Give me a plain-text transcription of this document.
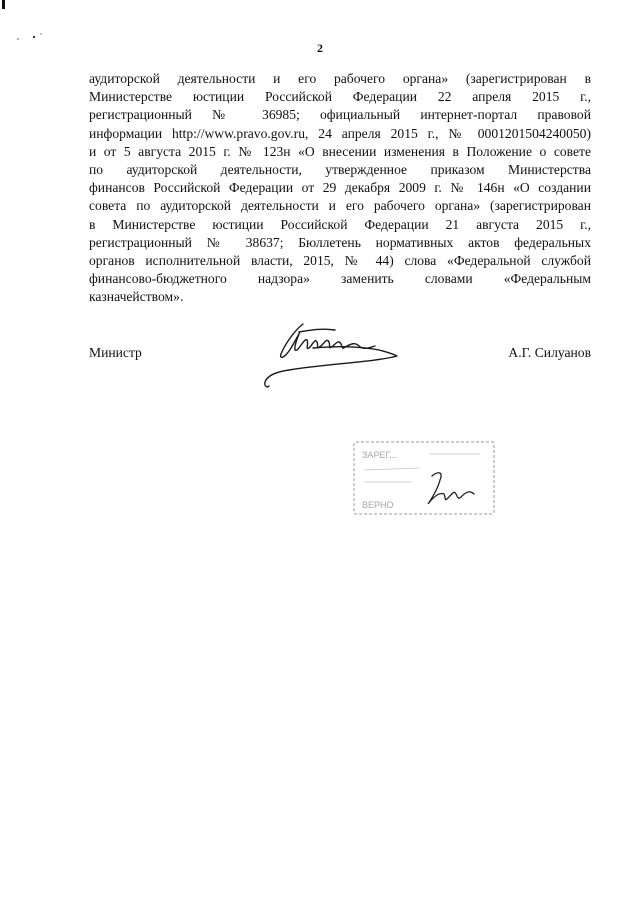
2
аудиторской деятельности и его рабочего органа» (зарегистрирован в
Министерстве юстиции Российской Федерации 22 апреля 2015 г.,
регистрационный № 36985; официальный интернет-портал правовой
информации http://www.pravo.gov.ru, 24 апреля 2015 г., № 0001201504240050)
и от 5 августа 2015 г. № 123н «О внесении изменения в Положение о совете
по аудиторской деятельности, утвержденное приказом Министерства
финансов Российской Федерации от 29 декабря 2009 г. № 146н «О создании
совета по аудиторской деятельности и его рабочего органа» (зарегистрирован
в Министерстве юстиции Российской Федерации 21 августа 2015 г.,
регистрационный № 38637; Бюллетень нормативных актов федеральных
органов исполнительной власти, 2015, № 44) слова «Федеральной службой
финансово-бюджетного надзора» заменить словами «Федеральным
казначейством».
Министр	А.Г. Силуанов
ЗАРЕГ...
ВЕРНО
